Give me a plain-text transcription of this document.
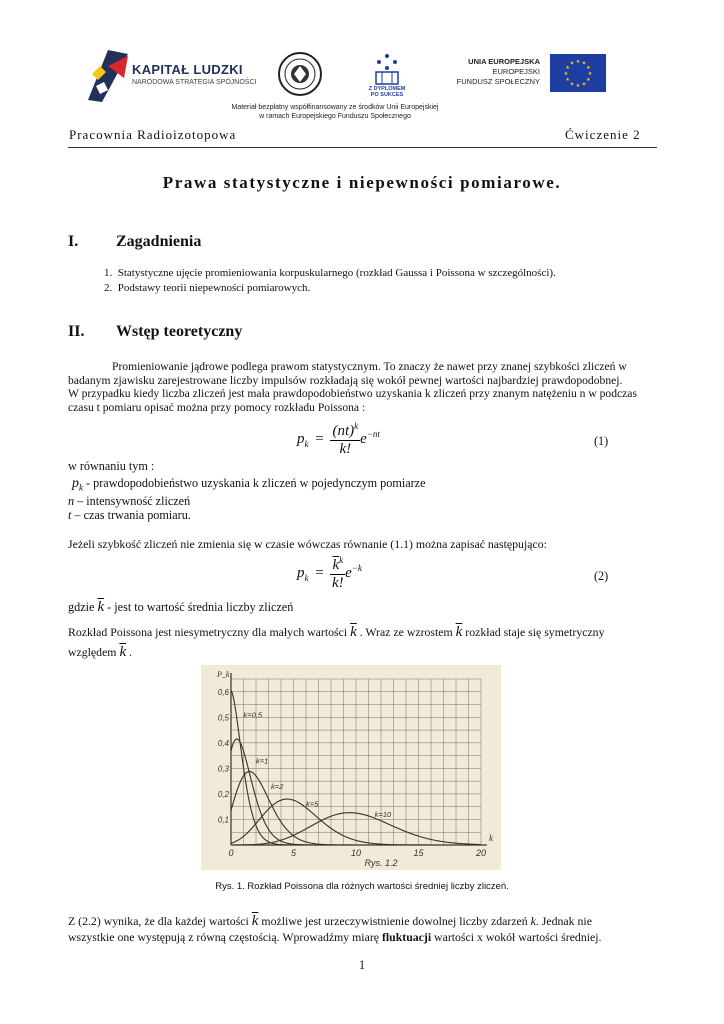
KAPITAŁ LUDZKI
NARODOWA STRATEGIA SPÓJNOŚCI
Z DYPLOMEM PO SUKCES
UNIA EUROPEJSKA
EUROPEJSKI
FUNDUSZ SPOŁECZNY
★
★
★
★
★
★
★
★
★ ★ ★
★
Materiał bezpłatny współfinansowany ze środków Unii Europejskiej
w ramach Europejskiego Funduszu Społecznego
Pracownia Radioizotopowa	Ćwiczenie 2
Prawa statystyczne i niepewności pomiarowe.
I. Zagadnienia
1.  Statystyczne ujęcie promieniowania korpuskularnego (rozkład Gaussa i Poissona w szczególności).
2.  Podstawy teorii niepewności pomiarowych.
II. Wstęp teoretyczny
Promieniowanie jądrowe podlega prawom statystycznym. To znaczy że nawet przy znanej szybkości zliczeń w
badanym zjawisku zarejestrowane liczby impulsów rozkładają się wokół pewnej wartości najbardziej prawdopodobnej.
W przypadku kiedy liczba zliczeń jest mała prawdopodobieństwo uzyskania k zliczeń przy znanym natężeniu n w podczas
czasu t pomiaru opisać można przy pomocy rozkładu Poissona :
$p_k = \frac{(nt)^k}{k!} e^{-nt}$
(1)
w równaniu tym :
$p_k$ - prawdopodobieństwo uzyskania k zliczeń w pojedynczym pomiarze
n – intensywność zliczeń
t – czas trwania pomiaru.
Jeżeli szybkość zliczeń nie zmienia się w czasie wówczas równanie (1.1) można zapisać następująco:
$p_k = \frac{\overline{k}^k}{k!} e^{-k}$
(2)
gdzie $\overline{k}$ - jest to wartość średnia liczby zliczeń
Rozkład Poissona jest niesymetryczny dla małych wartości $\overline{k}$ . Wraz ze wzrostem $\overline{k}$ rozkład staje się symetryczny
względem $\overline{k}$ .
0	5	10	15	20
0,1
0,2
0,3
0,4
0,5
0,6
k
P_k
Rys. 1.2
k=0,5
k=1
k=2
k=5
k=10
Rys. 1. Rozkład Poissona dla różnych wartości średniej liczby zliczeń.
Z (2.2) wynika, że dla każdej wartości $\overline{k}$ możliwe jest urzeczywistnienie dowolnej liczby zdarzeń k. Jednak nie
wszystkie one występują z równą częstością. Wprowadźmy miarę fluktuacji wartości x wokół wartości średniej.
1
